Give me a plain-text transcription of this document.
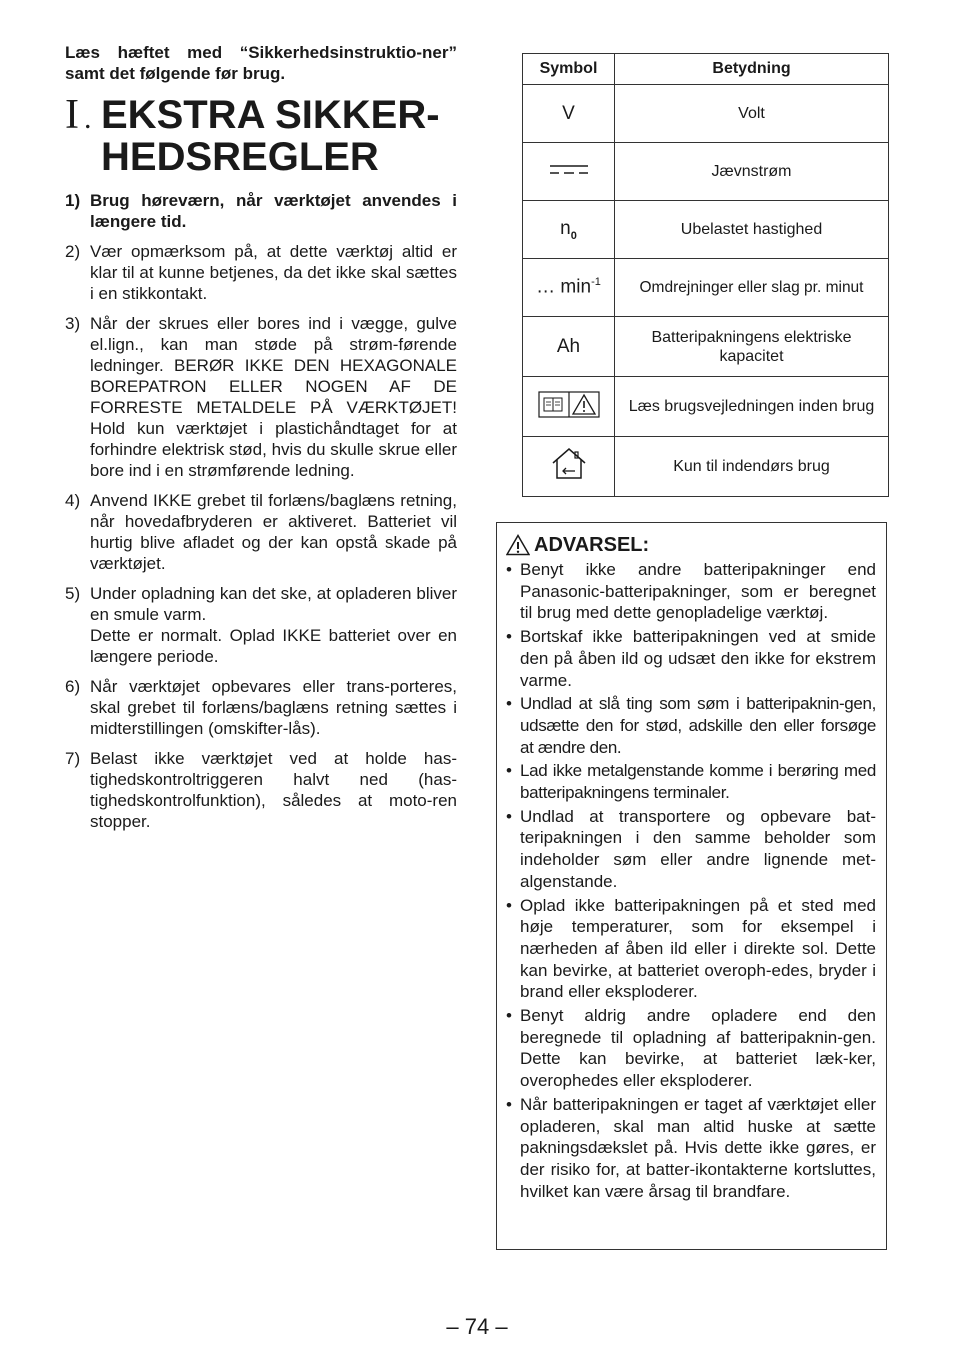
Læs hæftet med “Sikkerhedsinstruktio-ner” samt det følgende før brug.

I . EKSTRA SIKKER-
HEDSREGLER
1) Brug høreværn, når værktøjet anvendes i længere tid.
2) Vær opmærksom på, at dette værktøj altid er klar til at kunne betjenes, da det ikke skal sættes i en stikkontakt.
3) Når der skrues eller bores ind i vægge, gulve el.lign., kan man støde på strøm-førende ledninger. BERØR IKKE DEN HEXAGONALE BOREPATRON ELLER NOGEN AF DE FORRESTE METALDELE PÅ VÆRKTØJET! Hold kun værktøjet i plastichåndtaget for at forhindre elektrisk stød, hvis du skulle skrue eller bore ind i en strømførende ledning.
4) Anvend IKKE grebet til forlæns/baglæns retning, når hovedafbryderen er aktiveret. Batteriet vil hurtig blive afladet og der kan opstå skade på værktøjet.
5) Under opladning kan det ske, at opladeren bliver en smule varm.
Dette er normalt. Oplad IKKE batteriet over en længere periode.
6) Når værktøjet opbevares eller trans-porteres, skal grebet til forlæns/baglæns retning sættes i midterstillingen (omskifter-lås).
7) Belast ikke værktøjet ved at holde has-tighedskontroltriggeren halvt ned (has-tighedskontrolfunktion), således at moto-ren stopper.
Symbol	Betydning
V	Volt
	Jævnstrøm
$n_0$	Ubelastet hastighed
… $\min^{-1}$	Omdrejninger eller slag pr. minut
Ah	Batteripakningens elektriske kapacitet
	Læs brugsvejledningen inden brug
	Kun til indendørs brug
ADVARSEL:
• Benyt ikke andre batteripakninger end Panasonic-batteripakninger, som er beregnet til brug med dette genopladelige værktøj.
• Bortskaf ikke batteripakningen ved at smide den på åben ild og udsæt den ikke for ekstrem varme.
• Undlad at slå ting som søm i batteripaknin-gen, udsætte den for stød, adskille den eller forsøge at ændre den.
• Lad ikke metalgenstande komme i berøring med batteripakningens terminaler.
• Undlad at transportere og opbevare bat-teripakningen i den samme beholder som indeholder søm eller andre lignende met-algenstande.
• Oplad ikke batteripakningen på et sted med høje temperaturer, som for eksempel i nærheden af åben ild eller i direkte sol. Dette kan bevirke, at batteriet overoph-edes, bryder i brand eller eksploderer.
• Benyt aldrig andre opladere end den beregnede til opladning af batteripaknin-gen. Dette kan bevirke, at batteriet læk-ker, overophedes eller eksploderer.
• Når batteripakningen er taget af værktøjet eller opladeren, skal man altid huske at sætte pakningsdækslet på. Hvis dette ikke gøres, er der risiko for, at batter-ikontakterne kortsluttes, hvilket kan være årsag til brandfare.
– 74 –
